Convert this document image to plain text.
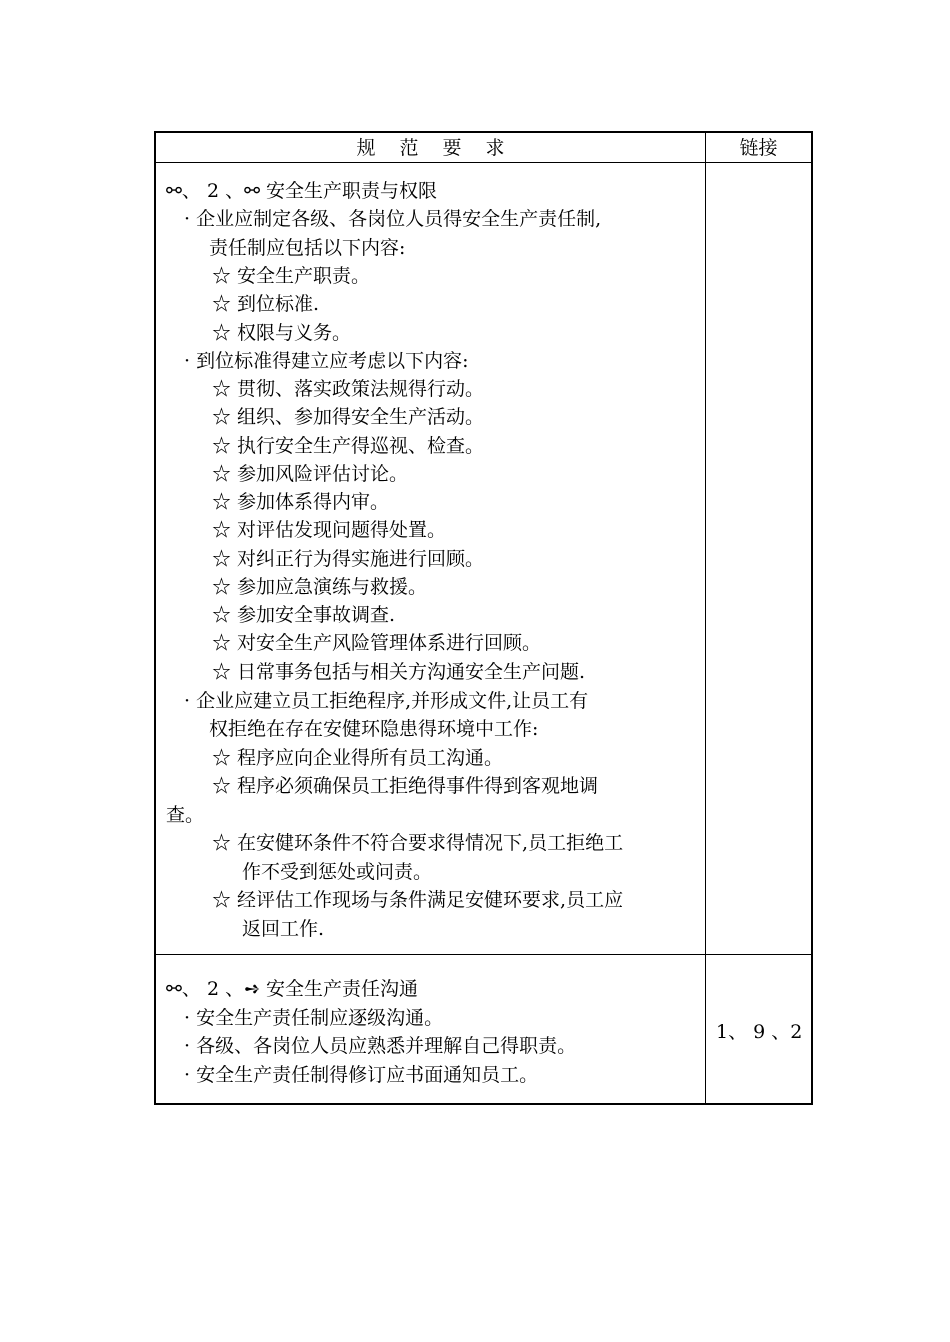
规范要求	链接
⚯、 2 、⚯ 安全生产职责与权限
· 企业应制定各级、各岗位人员得安全生产责任制,
责任制应包括以下内容:
☆ 安全生产职责。
☆ 到位标准.
☆ 权限与义务。
· 到位标准得建立应考虑以下内容:
☆ 贯彻、落实政策法规得行动。
☆ 组织、参加得安全生产活动。
☆ 执行安全生产得巡视、检查。
☆ 参加风险评估讨论。
☆ 参加体系得内审。
☆ 对评估发现问题得处置。
☆ 对纠正行为得实施进行回顾。
☆ 参加应急演练与救援。
☆ 参加安全事故调查.
☆ 对安全生产风险管理体系进行回顾。
☆ 日常事务包括与相关方沟通安全生产问题.
· 企业应建立员工拒绝程序,并形成文件,让员工有
权拒绝在存在安健环隐患得环境中工作:
☆ 程序应向企业得所有员工沟通。
☆ 程序必须确保员工拒绝得事件得到客观地调
查。
☆ 在安健环条件不符合要求得情况下,员工拒绝工
作不受到惩处或问责。
☆ 经评估工作现场与条件满足安健环要求,员工应
返回工作.
⚯、 2 、➺ 安全生产责任沟通
· 安全生产责任制应逐级沟通。
· 各级、各岗位人员应熟悉并理解自己得职责。
· 安全生产责任制得修订应书面通知员工。
1、 9 、2
